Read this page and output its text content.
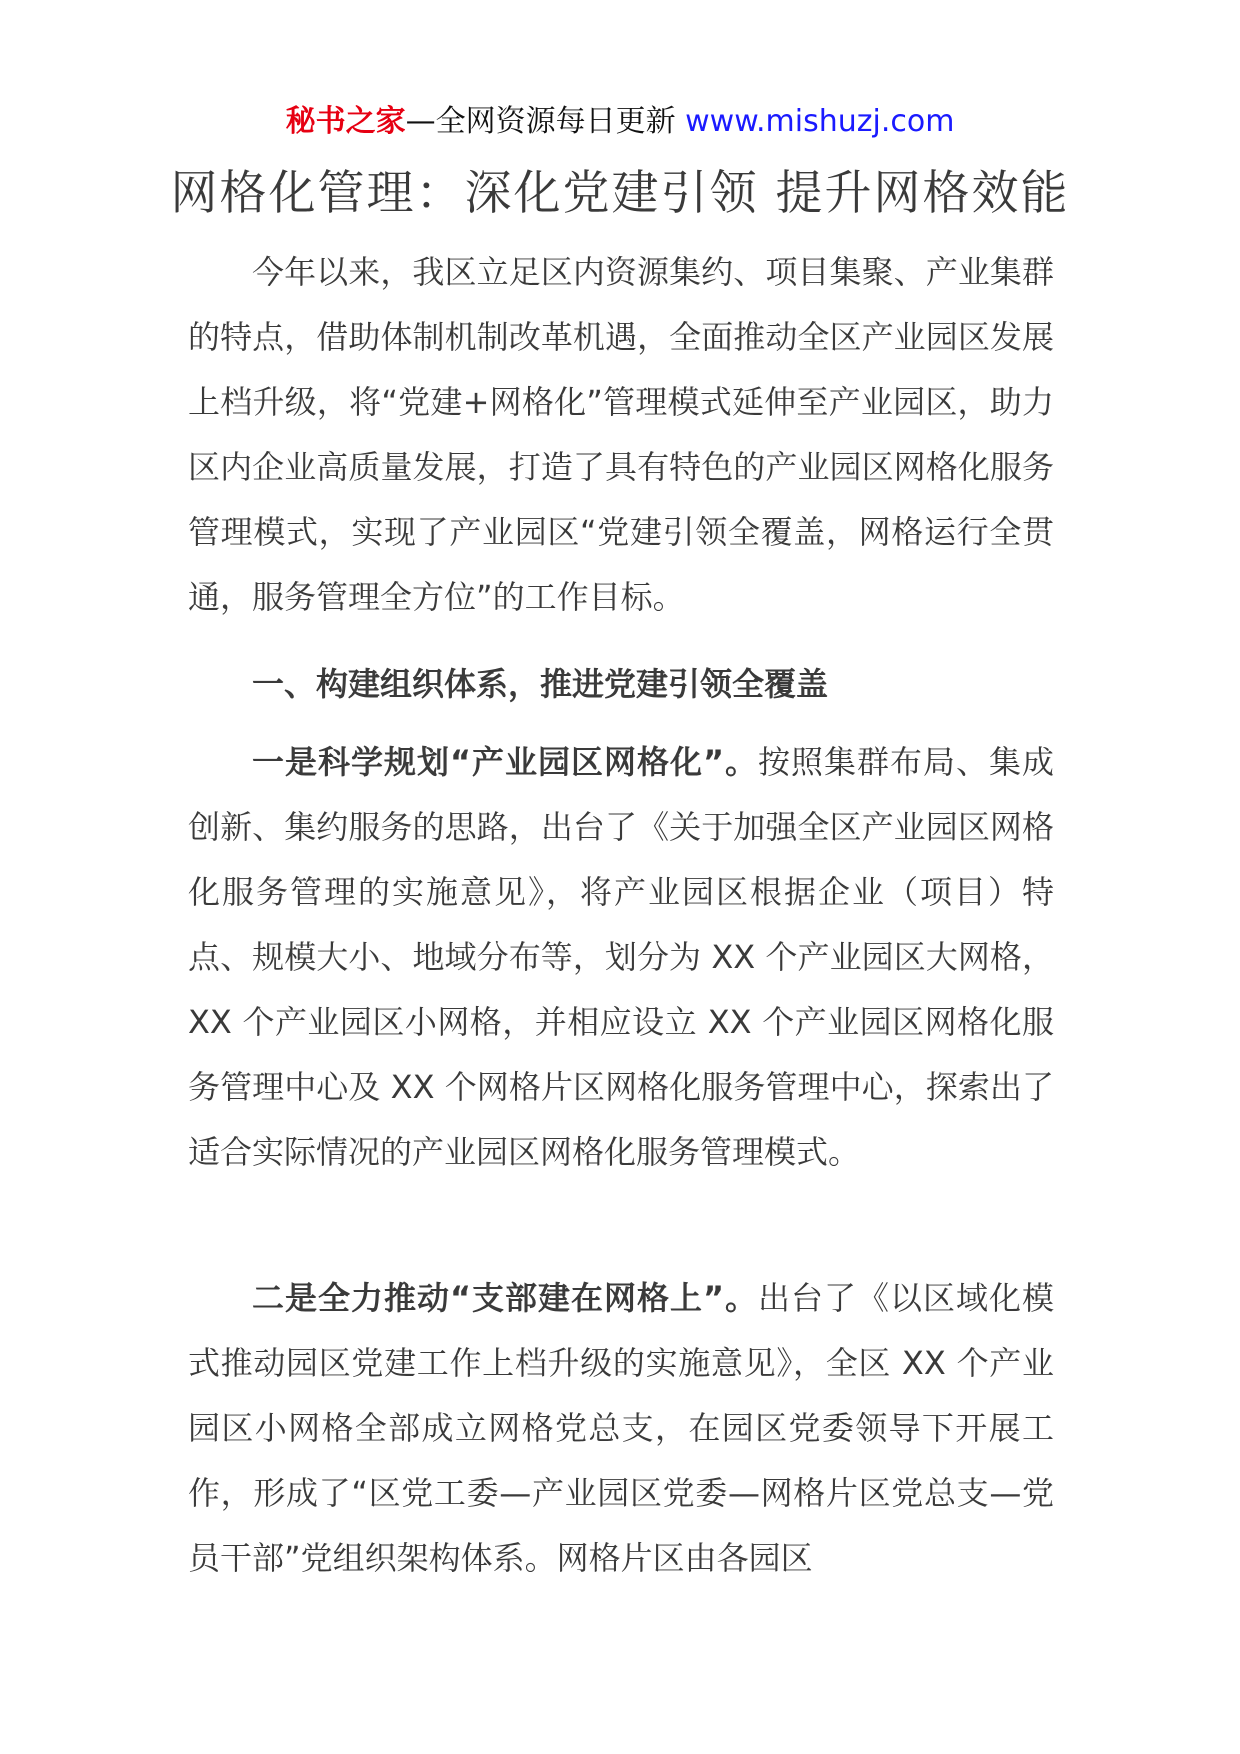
秘书之家—全网资源每日更新 www.mishuzj.com
网格化管理：深化党建引领 提升网格效能

今年以来，我区立足区内资源集约、项目集聚、产业集群的特点，借助体制机制改革机遇，全面推动全区产业园区发展上档升级，将“党建+网格化”管理模式延伸至产业园区，助力区内企业高质量发展，打造了具有特色的产业园区网格化服务管理模式，实现了产业园区“党建引领全覆盖，网格运行全贯通，服务管理全方位”的工作目标。

一、构建组织体系，推进党建引领全覆盖

一是科学规划“产业园区网格化”。按照集群布局、集成创新、集约服务的思路，出台了《关于加强全区产业园区网格化服务管理的实施意见》，将产业园区根据企业（项目）特点、规模大小、地域分布等，划分为 XX 个产业园区大网格，XX 个产业园区小网格，并相应设立 XX 个产业园区网格化服务管理中心及 XX 个网格片区网格化服务管理中心，探索出了适合实际情况的产业园区网格化服务管理模式。

二是全力推动“支部建在网格上”。出台了《以区域化模式推动园区党建工作上档升级的实施意见》，全区 XX 个产业园区小网格全部成立网格党总支，在园区党委领导下开展工作，形成了“区党工委—产业园区党委—网格片区党总支—党员干部”党组织架构体系。网格片区由各园区
